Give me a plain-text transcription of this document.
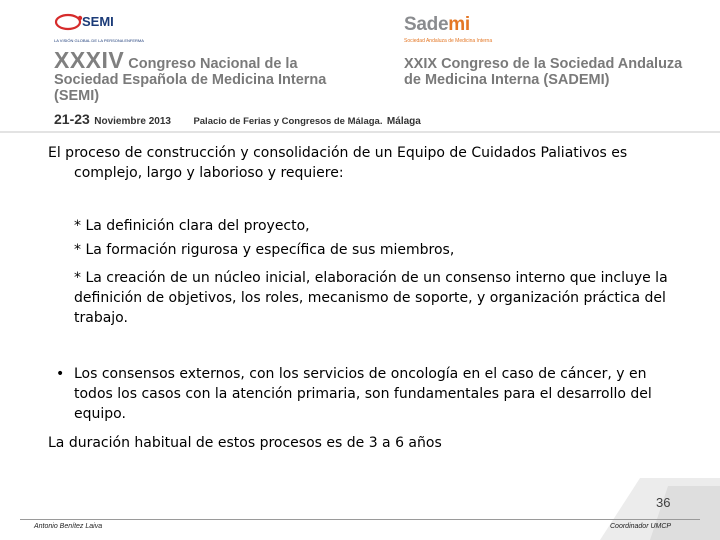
SEMI
LA VISIÓN GLOBAL DE LA PERSONA ENFERMA
Sademi
Sociedad Andaluza de Medicina Interna
XXXIV Congreso Nacional de la
Sociedad Española de Medicina Interna
(SEMI)
XXIX Congreso de la Sociedad Andaluza
de Medicina Interna (SADEMI)
21-23 Noviembre 2013 Palacio de Ferias y Congresos de Málaga. Málaga
El proceso de construcción y consolidación de un Equipo de Cuidados Paliativos es
complejo, largo y laborioso y requiere:
* La definición clara del proyecto,
* La formación rigurosa y específica de sus miembros,
* La creación de un núcleo inicial, elaboración de un consenso interno que incluye la definición de objetivos, los roles, mecanismo de soporte, y organización práctica del trabajo.
• Los consensos externos, con los servicios de oncología en el caso de cáncer, y en todos los casos con la atención primaria, son fundamentales para el desarrollo del equipo.
La duración habitual de estos procesos es de 3 a 6 años
36
Antonio Benítez Laiva	Coordinador UMCP
